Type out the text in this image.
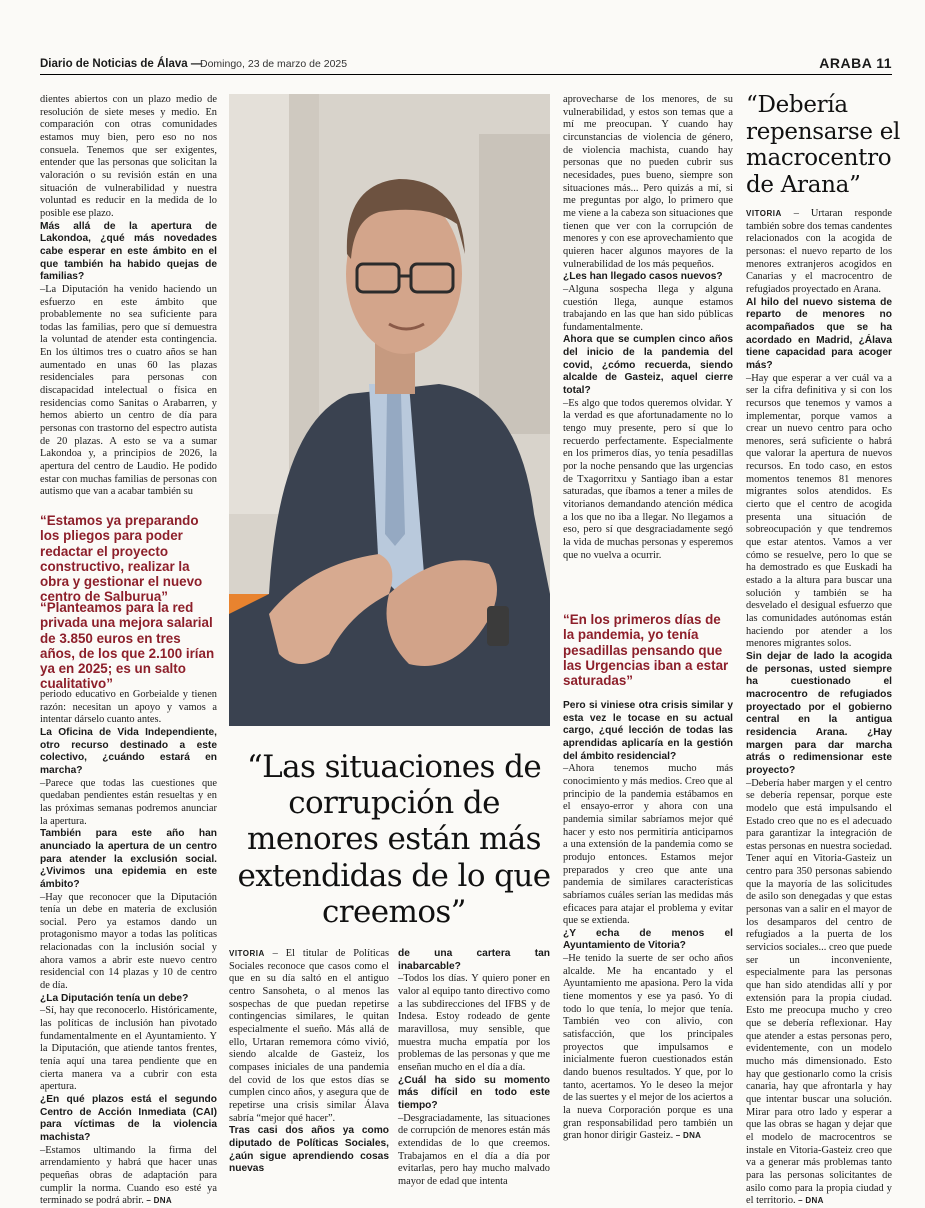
Diario de Noticias de Álava —
Domingo, 23 de marzo de 2025	ARABA 11

dientes abiertos con un plazo medio de resolución de siete meses y medio. En comparación con otras comunidades estamos muy bien, pero eso no nos consuela. Tenemos que ser exigentes, entender que las personas que solicitan la valoración o su revisión están en una situación de vulnerabilidad y nuestra voluntad es reducir en la medida de lo posible ese plazo.

Más allá de la apertura de Lakondoa, ¿qué más novedades cabe esperar en este ámbito en el que también ha habido quejas de familias?

–La Diputación ha venido haciendo un esfuerzo en este ámbito que probablemente no sea suficiente para todas las familias, pero que sí demuestra la voluntad de atender esta contingencia. En los últimos tres o cuatro años se han aumentado en unas 60 las plazas residenciales para personas con discapacidad intelectual o física en residencias como Sanitas o Arabarren, y hemos abierto un centro de día para personas con trastorno del espectro autista de 20 plazas. A esto se va a sumar Lakondoa y, a principios de 2026, la apertura del centro de Laudio. He podido estar con muchas familias de personas con autismo que van a acabar también su

“Estamos ya preparando los pliegos para poder redactar el proyecto constructivo, realizar la obra y gestionar el nuevo centro de Salburua”
“Planteamos para la red privada una mejora salarial de 3.850 euros en tres años, de los que 2.100 irían ya en 2025; es un salto cualitativo”

periodo educativo en Gorbeialde y tienen razón: necesitan un apoyo y vamos a intentar dárselo cuanto antes.

La Oficina de Vida Independiente, otro recurso destinado a este colectivo, ¿cuándo estará en marcha?

–Parece que todas las cuestiones que quedaban pendientes están resueltas y en las próximas semanas podremos anunciar la apertura.

También para este año han anunciado la apertura de un centro para atender la exclusión social. ¿Vivimos una epidemia en este ámbito?

–Hay que reconocer que la Diputación tenía un debe en materia de exclusión social. Pero ya estamos dando un protagonismo mayor a todas las políticas relacionadas con la inclusión social y ahora vamos a abrir este nuevo centro residencial con 14 plazas y 10 de centro de día.

¿La Diputación tenía un debe?

–Sí, hay que reconocerlo. Históricamente, las políticas de inclusión han pivotado fundamentalmente en el Ayuntamiento. Y la Diputación, que atiende tantos frentes, tenía aquí una tarea pendiente que en cierta manera va a cubrir con esta apertura.

¿En qué plazos está el segundo Centro de Acción Inmediata (CAI) para víctimas de la violencia machista?

–Estamos ultimando la firma del arrendamiento y habrá que hacer unas pequeñas obras de adaptación para cumplir la norma. Cuando eso esté ya terminado se podrá abrir. – DNA

“Las situaciones de corrupción de menores están más extendidas de lo que creemos”

VITORIA – El titular de Políticas Sociales reconoce que casos como el que en su día saltó en el antiguo centro Sansoheta, o al menos las sospechas de que puedan repetirse contingencias similares, le quitan especialmente el sueño. Más allá de ello, Urtaran rememora cómo vivió, siendo alcalde de Gasteiz, los compases iniciales de una pandemia del covid de los que estos días se cumplen cinco años, y asegura que de repetirse una crisis similar Álava sabría “mejor qué hacer”.

Tras casi dos años ya como diputado de Políticas Sociales, ¿aún sigue aprendiendo cosas nuevas

de una cartera tan inabarcable?

–Todos los días. Y quiero poner en valor al equipo tanto directivo como a las subdirecciones del IFBS y de Indesa. Estoy rodeado de gente maravillosa, muy sensible, que muestra mucha empatía por los problemas de las personas y que me enseñan mucho en el día a día.

¿Cuál ha sido su momento más difícil en todo este tiempo?

–Desgraciadamente, las situaciones de corrupción de menores están más extendidas de lo que creemos. Trabajamos en el día a día por evitarlas, pero hay mucho malvado mayor de edad que intenta

aprovecharse de los menores, de su vulnerabilidad, y estos son temas que a mí me preocupan. Y cuando hay circunstancias de violencia de género, de violencia machista, cuando hay personas que no pueden cubrir sus necesidades, pues bueno, siempre son situaciones más... Pero quizás a mí, si me preguntas por algo, lo primero que me viene a la cabeza son situaciones que tienen que ver con la corrupción de menores y con ese aprovechamiento que quieren hacer algunos mayores de la vulnerabilidad de los más pequeños.

¿Les han llegado casos nuevos?

–Alguna sospecha llega y alguna cuestión llega, aunque estamos trabajando en las que han sido públicas fundamentalmente.

Ahora que se cumplen cinco años del inicio de la pandemia del covid, ¿cómo recuerda, siendo alcalde de Gasteiz, aquel cierre total?

–Es algo que todos queremos olvidar. Y la verdad es que afortunadamente no lo tengo muy presente, pero sí que lo recuerdo perfectamente. Especialmente en los primeros días, yo tenía pesadillas por la noche pensando que las urgencias de Txagorritxu y Santiago iban a estar saturadas, que íbamos a tener a miles de vitorianos demandando atención médica a los que no iba a llegar. No llegamos a eso, pero sí que desgraciadamente segó la vida de muchas personas y esperemos que no vuelva a ocurrir.

“En los primeros días de la pandemia, yo tenía pesadillas pensando que las Urgencias iban a estar saturadas”

Pero si viniese otra crisis similar y esta vez le tocase en su actual cargo, ¿qué lección de todas las aprendidas aplicaría en la gestión del ámbito residencial?

–Ahora tenemos mucho más conocimiento y más medios. Creo que al principio de la pandemia estábamos en el ensayo-error y ahora con una pandemia similar sabríamos mejor qué hacer y esto nos permitiría anticiparnos a una extensión de la pandemia como se produjo entonces. Estamos mejor preparados y creo que ante una pandemia de similares características sabríamos cuáles serían las medidas más eficaces para atajar el problema y evitar que se extienda.

¿Y echa de menos el Ayuntamiento de Vitoria?

–He tenido la suerte de ser ocho años alcalde. Me ha encantado y el Ayuntamiento me apasiona. Pero la vida tiene momentos y ese ya pasó. Yo di todo lo que tenía, lo mejor que tenía. También veo con alivio, con satisfacción, que los principales proyectos que impulsamos e inicialmente fueron cuestionados están dando buenos resultados. Y que, por lo tanto, acertamos. Yo le deseo la mejor de las suertes y el mejor de los aciertos a la nueva Corporación porque es una gran responsabilidad pero también un gran honor dirigir Gasteiz. – DNA

“Debería repensarse el macrocentro de Arana”

VITORIA – Urtaran responde también sobre dos temas candentes relacionados con la acogida de personas: el nuevo reparto de los menores extranjeros acogidos en Canarias y el macrocentro de refugiados proyectado en Arana.

Al hilo del nuevo sistema de reparto de menores no acompañados que se ha acordado en Madrid, ¿Álava tiene capacidad para acoger más?

–Hay que esperar a ver cuál va a ser la cifra definitiva y si con los recursos que tenemos y vamos a implementar, porque vamos a crear un nuevo centro para ocho menores, será suficiente o habrá que valorar la apertura de nuevos recursos. En todo caso, en estos momentos tenemos 81 menores migrantes solos atendidos. Es cierto que el centro de acogida presenta una situación de sobreocupación y que tendremos que estar atentos. Vamos a ver cómo se resuelve, pero lo que se ha demostrado es que Euskadi ha estado a la altura para buscar una solución y también se ha desvelado el desigual esfuerzo que las comunidades autónomas están haciendo por atender a los menores migrantes solos.

Sin dejar de lado la acogida de personas, usted siempre ha cuestionado el macrocentro de refugiados proyectado por el gobierno central en la antigua residencia Arana. ¿Hay margen para dar marcha atrás o redimensionar este proyecto?

–Debería haber margen y el centro se debería repensar, porque este modelo que está impulsando el Estado creo que no es el adecuado para garantizar la integración de estas personas en nuestra sociedad. Tener aquí en Vitoria-Gasteiz un centro para 350 personas sabiendo que la mayoría de las solicitudes de asilo son denegadas y que estas personas van a salir en el mayor de los desamparos del centro de refugiados a la puerta de los servicios sociales... creo que puede ser un inconveniente, especialmente para las personas que han sido atendidas allí y por extensión para la propia ciudad. Esto me preocupa mucho y creo que se debería reflexionar. Hay que atender a estas personas pero, evidentemente, con un modelo mucho más dimensionado. Esto hay que gestionarlo como la crisis canaria, hay que afrontarla y hay que intentar buscar una solución. Mirar para otro lado y esperar a que las obras se hagan y dejar que el modelo de macrocentros se instale en Vitoria-Gasteiz creo que va a generar más problemas tanto para las personas solicitantes de asilo como para la propia ciudad y el territorio. – DNA
